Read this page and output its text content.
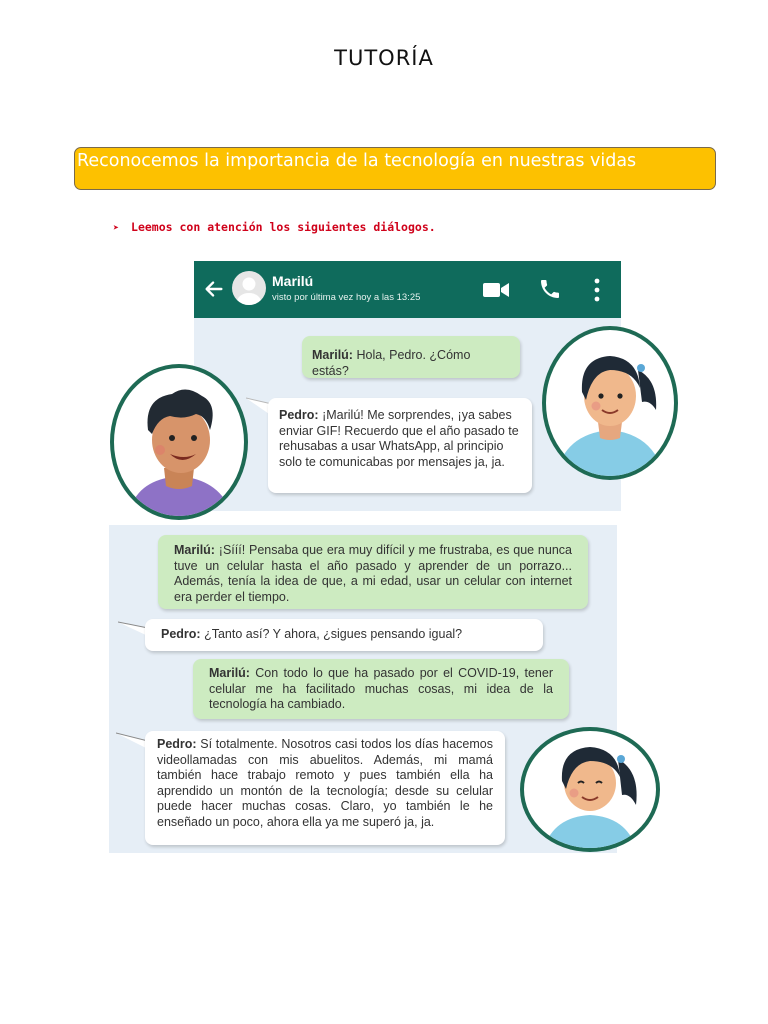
TUTORÍA
Reconocemos la importancia de la tecnología en nuestras vidas
➤ Leemos con atención los siguientes diálogos.
Marilú
visto por última vez hoy a las 13:25
Marilú: Hola, Pedro. ¿Cómo estás?
Pedro: ¡Marilú! Me sorprendes, ¡ya sabes enviar GIF! Recuerdo que el año pasado te rehusabas a usar WhatsApp, al principio solo te comunicabas por mensajes ja, ja.
Marilú: ¡Sííí! Pensaba que era muy difícil y me frustraba, es que nunca tuve un celular hasta el año pasado y aprender de un porrazo... Además, tenía la idea de que, a mi edad, usar un celular con internet era perder el tiempo.
Pedro: ¿Tanto así? Y ahora, ¿sigues pensando igual?
Marilú: Con todo lo que ha pasado por el COVID-19, tener celular me ha facilitado muchas cosas, mi idea de la tecnología ha cambiado.
Pedro: Sí totalmente. Nosotros casi todos los días hacemos videollamadas con mis abuelitos. Además, mi mamá también hace trabajo remoto y pues también ella ha aprendido un montón de la tecnología; desde su celular puede hacer muchas cosas. Claro, yo también le he enseñado un poco, ahora ella ya me superó ja, ja.
